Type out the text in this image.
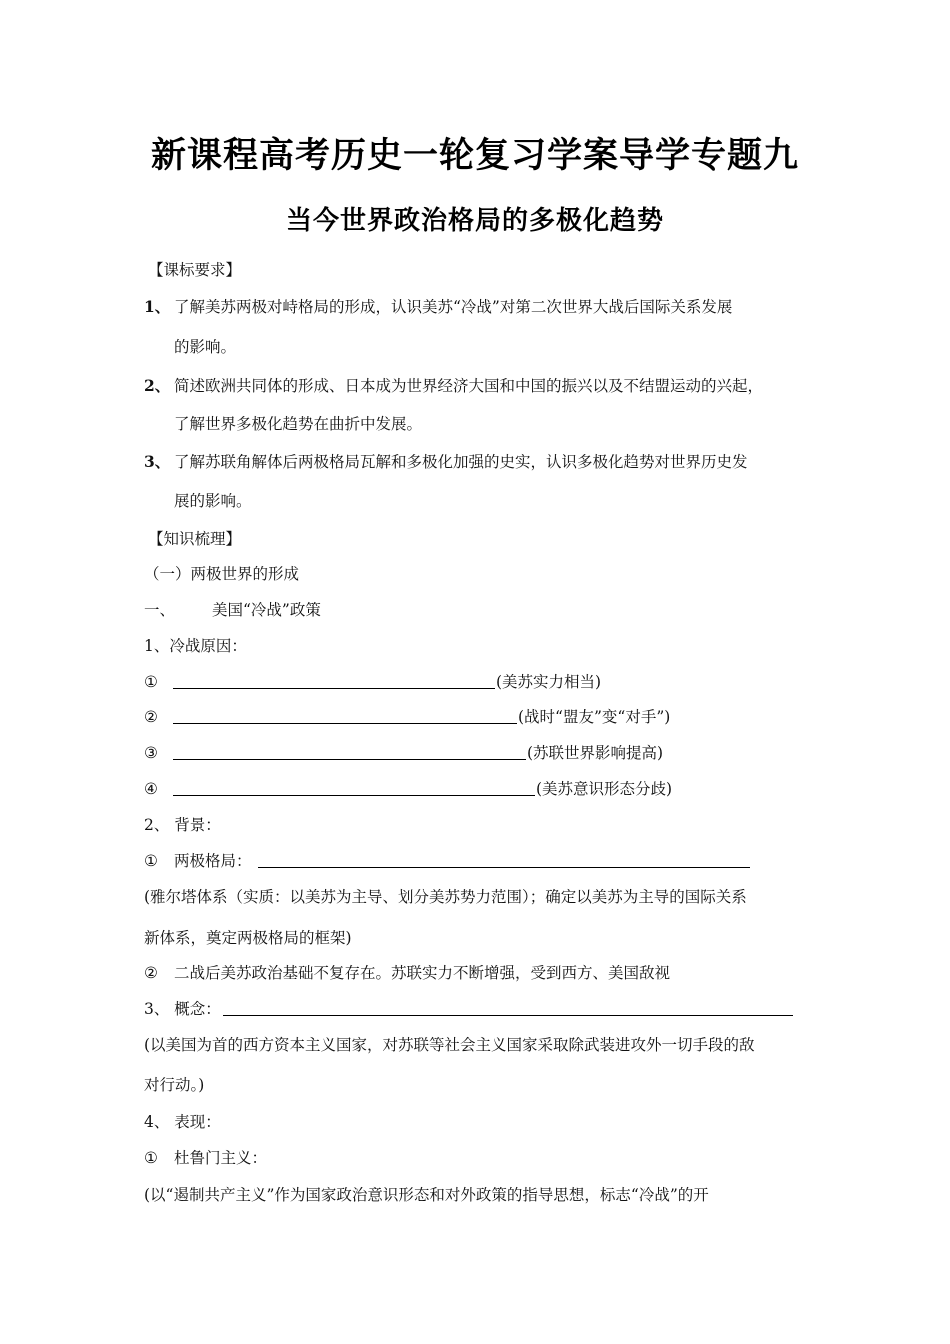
新课程高考历史一轮复习学案导学专题九
当今世界政治格局的多极化趋势
【课标要求】
1、 了解美苏两极对峙格局的形成，认识美苏“冷战”对第二次世界大战后国际关系发展
的影响。
2、 简述欧洲共同体的形成、日本成为世界经济大国和中国的振兴以及不结盟运动的兴起，
了解世界多极化趋势在曲折中发展。
3、 了解苏联角解体后两极格局瓦解和多极化加强的史实，认识多极化趋势对世界历史发
展的影响。
【知识梳理】
（一）两极世界的形成
一、 美国“冷战”政策
1、冷战原因：
①	(美苏实力相当)
②	(战时“盟友”变“对手”)
③	(苏联世界影响提高)
④	(美苏意识形态分歧)
2、 背景：
① 两极格局：
(雅尔塔体系（实质：以美苏为主导、划分美苏势力范围）；确定以美苏为主导的国际关系
新体系，奠定两极格局的框架)
② 二战后美苏政治基础不复存在。苏联实力不断增强，受到西方、美国敌视
3、 概念：
(以美国为首的西方资本主义国家，对苏联等社会主义国家采取除武装进攻外一切手段的敌
对行动。)
4、 表现：
① 杜鲁门主义：
(以“遏制共产主义”作为国家政治意识形态和对外政策的指导思想，标志“冷战”的开
